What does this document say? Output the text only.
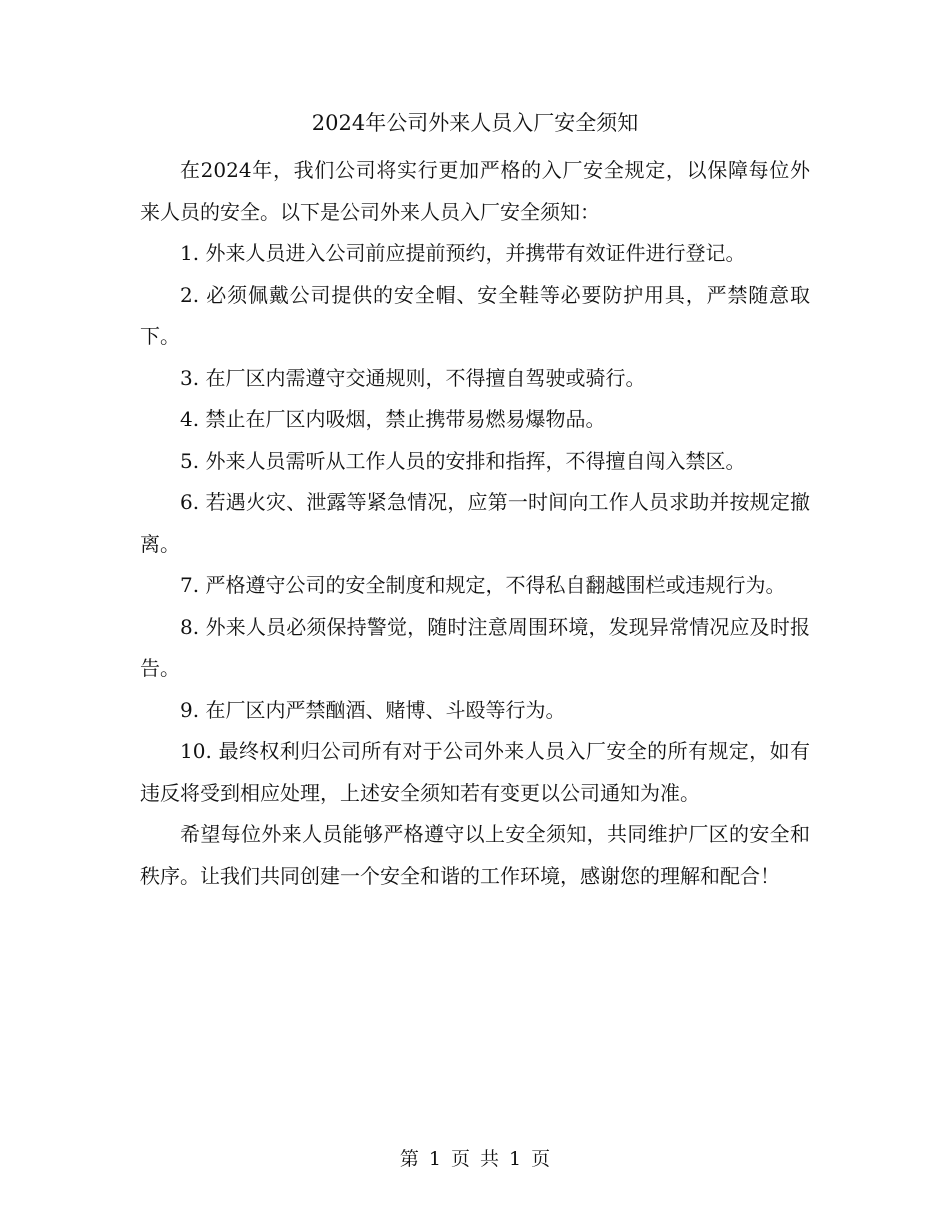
2024年公司外来人员入厂安全须知

在2024年，我们公司将实行更加严格的入厂安全规定，以保障每位外来人员的安全。以下是公司外来人员入厂安全须知：

1. 外来人员进入公司前应提前预约，并携带有效证件进行登记。

2. 必须佩戴公司提供的安全帽、安全鞋等必要防护用具，严禁随意取下。

3. 在厂区内需遵守交通规则，不得擅自驾驶或骑行。

4. 禁止在厂区内吸烟，禁止携带易燃易爆物品。

5. 外来人员需听从工作人员的安排和指挥，不得擅自闯入禁区。

6. 若遇火灾、泄露等紧急情况，应第一时间向工作人员求助并按规定撤离。

7. 严格遵守公司的安全制度和规定，不得私自翻越围栏或违规行为。

8. 外来人员必须保持警觉，随时注意周围环境，发现异常情况应及时报告。

9. 在厂区内严禁酗酒、赌博、斗殴等行为。

10. 最终权利归公司所有对于公司外来人员入厂安全的所有规定，如有违反将受到相应处理，上述安全须知若有变更以公司通知为准。

希望每位外来人员能够严格遵守以上安全须知，共同维护厂区的安全和秩序。让我们共同创建一个安全和谐的工作环境，感谢您的理解和配合！

第 1 页 共 1 页
